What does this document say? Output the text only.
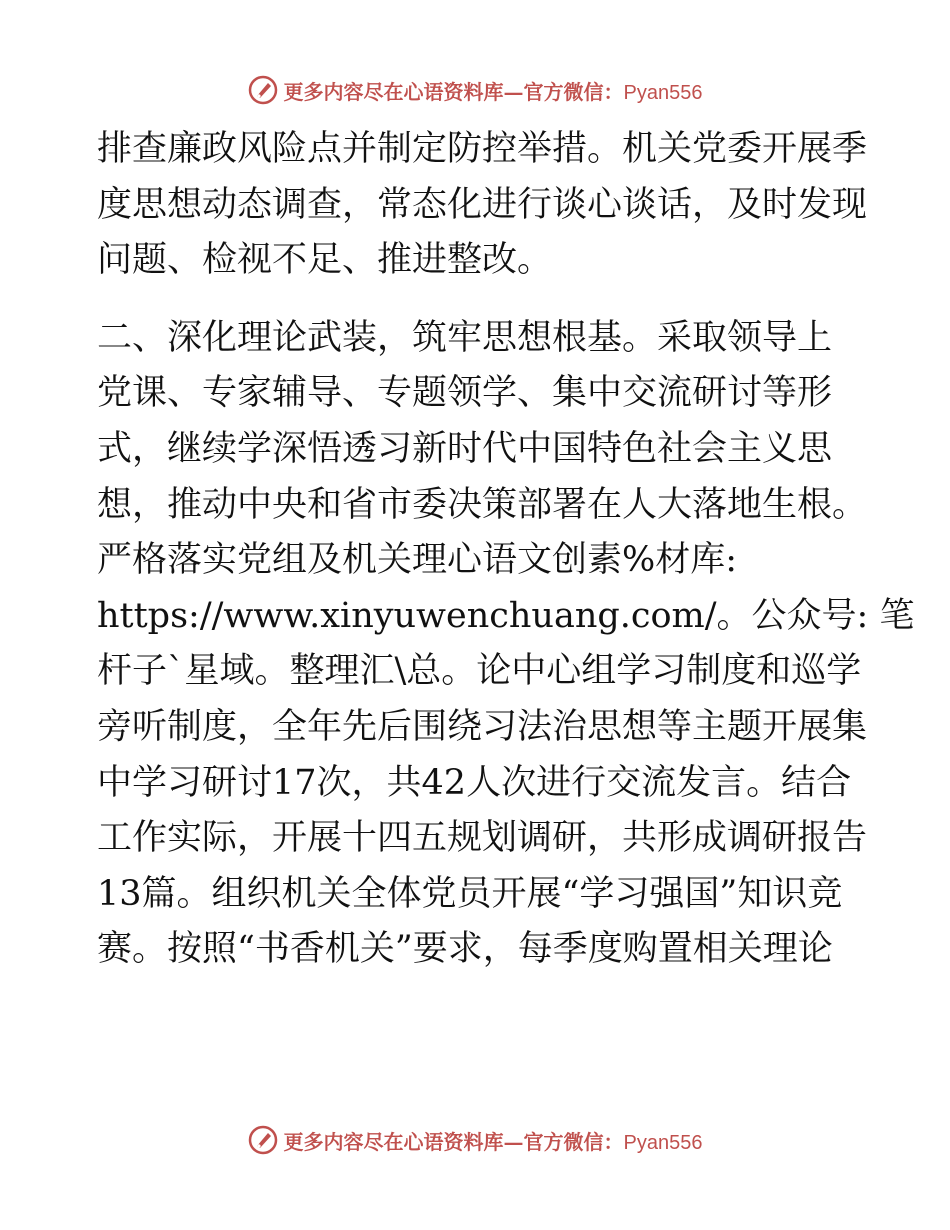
更多内容尽在心语资料库—官方微信：Pyan556
排查廉政风险点并制定防控举措。机关党委开展季
度思想动态调查，常态化进行谈心谈话，及时发现
问题、检视不足、推进整改。
二、深化理论武装，筑牢思想根基。采取领导上
党课、专家辅导、专题领学、集中交流研讨等形
式，继续学深悟透习新时代中国特色社会主义思
想，推动中央和省市委决策部署在人大落地生根。
严格落实党组及机关理心语文创素%材库:
https://www.xinyuwenchuang.com/。公众号: 笔
杆子`星域。整理汇\总。论中心组学习制度和巡学
旁听制度，全年先后围绕习法治思想等主题开展集
中学习研讨17次，共42人次进行交流发言。结合
工作实际，开展十四五规划调研，共形成调研报告
13篇。组织机关全体党员开展“学习强国”知识竞
赛。按照“书香机关”要求，每季度购置相关理论
更多内容尽在心语资料库—官方微信：Pyan556
